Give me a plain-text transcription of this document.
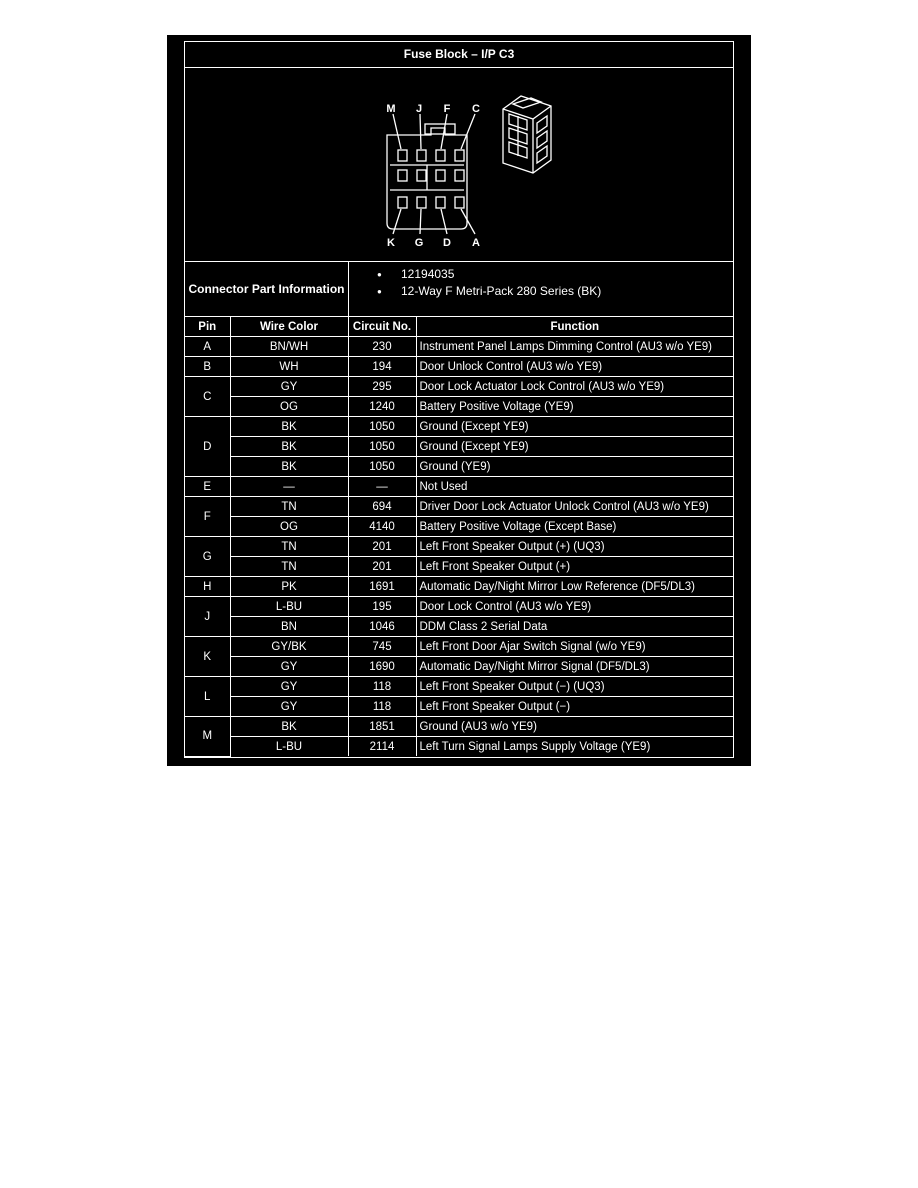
Fuse Block – I/P C3
M J F C
K G D A
Connector Part Information
● 12194035
● 12-Way F Metri-Pack 280 Series (BK)
Pin	Wire Color	Circuit No.	Function
A	BN/WH	230	Instrument Panel Lamps Dimming Control (AU3 w/o YE9)
B	WH	194	Door Unlock Control (AU3 w/o YE9)
C	GY	295	Door Lock Actuator Lock Control (AU3 w/o YE9)
	OG	1240	Battery Positive Voltage (YE9)
D	BK	1050	Ground (Except YE9)
	BK	1050	Ground (Except YE9)
	BK	1050	Ground (YE9)
E	—	—	Not Used
F	TN	694	Driver Door Lock Actuator Unlock Control (AU3 w/o YE9)
	OG	4140	Battery Positive Voltage (Except Base)
G	TN	201	Left Front Speaker Output (+) (UQ3)
	TN	201	Left Front Speaker Output (+)
H	PK	1691	Automatic Day/Night Mirror Low Reference (DF5/DL3)
J	L-BU	195	Door Lock Control (AU3 w/o YE9)
	BN	1046	DDM Class 2 Serial Data
K	GY/BK	745	Left Front Door Ajar Switch Signal (w/o YE9)
	GY	1690	Automatic Day/Night Mirror Signal (DF5/DL3)
L	GY	118	Left Front Speaker Output (−) (UQ3)
	GY	118	Left Front Speaker Output (−)
M	BK	1851	Ground (AU3 w/o YE9)
	L-BU	2114	Left Turn Signal Lamps Supply Voltage (YE9)
